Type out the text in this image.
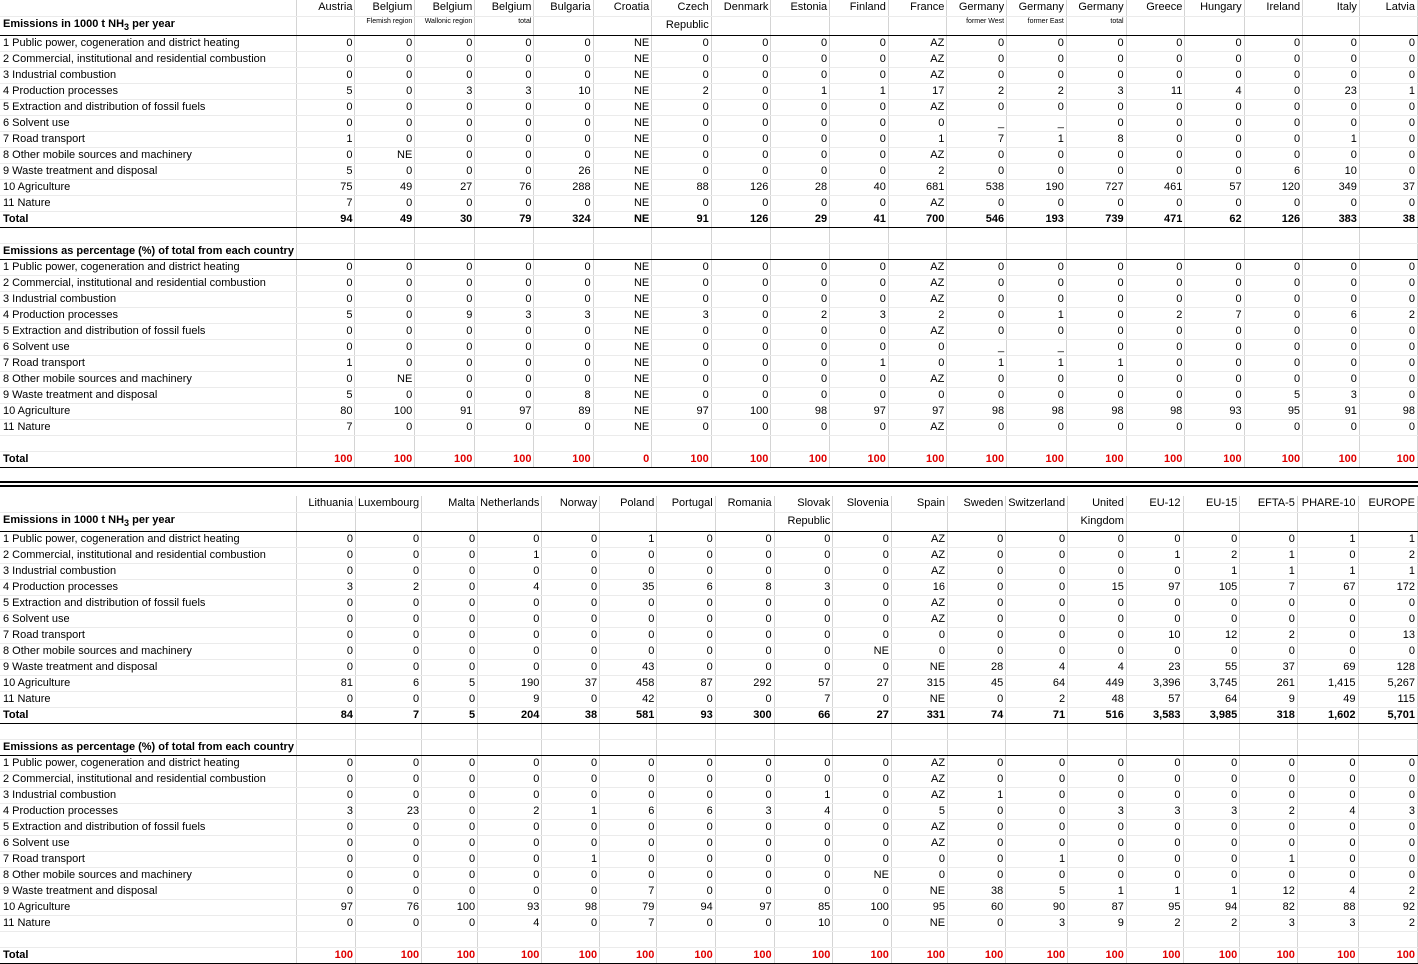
	Austria	Belgium	Belgium	Belgium	Bulgaria	Croatia	Czech	Denmark	Estonia	Finland	France	Germany	Germany	Germany	Greece	Hungary	Ireland	Italy	Latvia
Emissions in 1000 t $NH_3$ per year		Flemish region	Wallonic region	total			Republic					former West	former East	total					
1 Public power, cogeneration and district heating	0	0	0	0	0	NE	0	0	0	0	AZ	0	0	0	0	0	0	0	0
2 Commercial, institutional and residential combustion	0	0	0	0	0	NE	0	0	0	0	AZ	0	0	0	0	0	0	0	0
3 Industrial combustion	0	0	0	0	0	NE	0	0	0	0	AZ	0	0	0	0	0	0	0	0
4 Production processes	5	0	3	3	10	NE	2	0	1	1	17	2	2	3	11	4	0	23	1
5 Extraction and distribution of fossil fuels	0	0	0	0	0	NE	0	0	0	0	AZ	0	0	0	0	0	0	0	0
6 Solvent use	0	0	0	0	0	NE	0	0	0	0	0	_	_	0	0	0	0	0	0
7 Road transport	1	0	0	0	0	NE	0	0	0	0	1	7	1	8	0	0	0	1	0
8 Other mobile sources and machinery	0	NE	0	0	0	NE	0	0	0	0	AZ	0	0	0	0	0	0	0	0
9 Waste treatment and disposal	5	0	0	0	26	NE	0	0	0	0	2	0	0	0	0	0	6	10	0
10 Agriculture	75	49	27	76	288	NE	88	126	28	40	681	538	190	727	461	57	120	349	37
11 Nature	7	0	0	0	0	NE	0	0	0	0	AZ	0	0	0	0	0	0	0	0
Total	94	49	30	79	324	NE	91	126	29	41	700	546	193	739	471	62	126	383	38

Emissions as percentage (%) of total from each country																			
1 Public power, cogeneration and district heating	0	0	0	0	0	NE	0	0	0	0	AZ	0	0	0	0	0	0	0	0
2 Commercial, institutional and residential combustion	0	0	0	0	0	NE	0	0	0	0	AZ	0	0	0	0	0	0	0	0
3 Industrial combustion	0	0	0	0	0	NE	0	0	0	0	AZ	0	0	0	0	0	0	0	0
4 Production processes	5	0	9	3	3	NE	3	0	2	3	2	0	1	0	2	7	0	6	2
5 Extraction and distribution of fossil fuels	0	0	0	0	0	NE	0	0	0	0	AZ	0	0	0	0	0	0	0	0
6 Solvent use	0	0	0	0	0	NE	0	0	0	0	0	_	_	0	0	0	0	0	0
7 Road transport	1	0	0	0	0	NE	0	0	0	1	0	1	1	1	0	0	0	0	0
8 Other mobile sources and machinery	0	NE	0	0	0	NE	0	0	0	0	AZ	0	0	0	0	0	0	0	0
9 Waste treatment and disposal	5	0	0	0	8	NE	0	0	0	0	0	0	0	0	0	0	5	3	0
10 Agriculture	80	100	91	97	89	NE	97	100	98	97	97	98	98	98	98	93	95	91	98
11 Nature	7	0	0	0	0	NE	0	0	0	0	AZ	0	0	0	0	0	0	0	0

Total	100	100	100	100	100	0	100	100	100	100	100	100	100	100	100	100	100	100	100
	Lithuania	Luxembourg	Malta	Netherlands	Norway	Poland	Portugal	Romania	Slovak	Slovenia	Spain	Sweden	Switzerland	United	EU-12	EU-15	EFTA-5	PHARE-10	EUROPE
Emissions in 1000 t $NH_3$ per year									Republic					Kingdom					
1 Public power, cogeneration and district heating	0	0	0	0	0	1	0	0	0	0	AZ	0	0	0	0	0	0	1	1
2 Commercial, institutional and residential combustion	0	0	0	1	0	0	0	0	0	0	AZ	0	0	0	1	2	1	0	2
3 Industrial combustion	0	0	0	0	0	0	0	0	0	0	AZ	0	0	0	0	1	1	1	1
4 Production processes	3	2	0	4	0	35	6	8	3	0	16	0	0	15	97	105	7	67	172
5 Extraction and distribution of fossil fuels	0	0	0	0	0	0	0	0	0	0	AZ	0	0	0	0	0	0	0	0
6 Solvent use	0	0	0	0	0	0	0	0	0	0	AZ	0	0	0	0	0	0	0	0
7 Road transport	0	0	0	0	0	0	0	0	0	0	0	0	0	0	10	12	2	0	13
8 Other mobile sources and machinery	0	0	0	0	0	0	0	0	0	NE	0	0	0	0	0	0	0	0	0
9 Waste treatment and disposal	0	0	0	0	0	43	0	0	0	0	NE	28	4	4	23	55	37	69	128
10 Agriculture	81	6	5	190	37	458	87	292	57	27	315	45	64	449	3,396	3,745	261	1,415	5,267
11 Nature	0	0	0	9	0	42	0	0	7	0	NE	0	2	48	57	64	9	49	115
Total	84	7	5	204	38	581	93	300	66	27	331	74	71	516	3,583	3,985	318	1,602	5,701

Emissions as percentage (%) of total from each country																			
1 Public power, cogeneration and district heating	0	0	0	0	0	0	0	0	0	0	AZ	0	0	0	0	0	0	0	0
2 Commercial, institutional and residential combustion	0	0	0	0	0	0	0	0	0	0	AZ	0	0	0	0	0	0	0	0
3 Industrial combustion	0	0	0	0	0	0	0	0	1	0	AZ	1	0	0	0	0	0	0	0
4 Production processes	3	23	0	2	1	6	6	3	4	0	5	0	0	3	3	3	2	4	3
5 Extraction and distribution of fossil fuels	0	0	0	0	0	0	0	0	0	0	AZ	0	0	0	0	0	0	0	0
6 Solvent use	0	0	0	0	0	0	0	0	0	0	AZ	0	0	0	0	0	0	0	0
7 Road transport	0	0	0	0	1	0	0	0	0	0	0	0	1	0	0	0	1	0	0
8 Other mobile sources and machinery	0	0	0	0	0	0	0	0	0	NE	0	0	0	0	0	0	0	0	0
9 Waste treatment and disposal	0	0	0	0	0	7	0	0	0	0	NE	38	5	1	1	1	12	4	2
10 Agriculture	97	76	100	93	98	79	94	97	85	100	95	60	90	87	95	94	82	88	92
11 Nature	0	0	0	4	0	7	0	0	10	0	NE	0	3	9	2	2	3	3	2

Total	100	100	100	100	100	100	100	100	100	100	100	100	100	100	100	100	100	100	100
